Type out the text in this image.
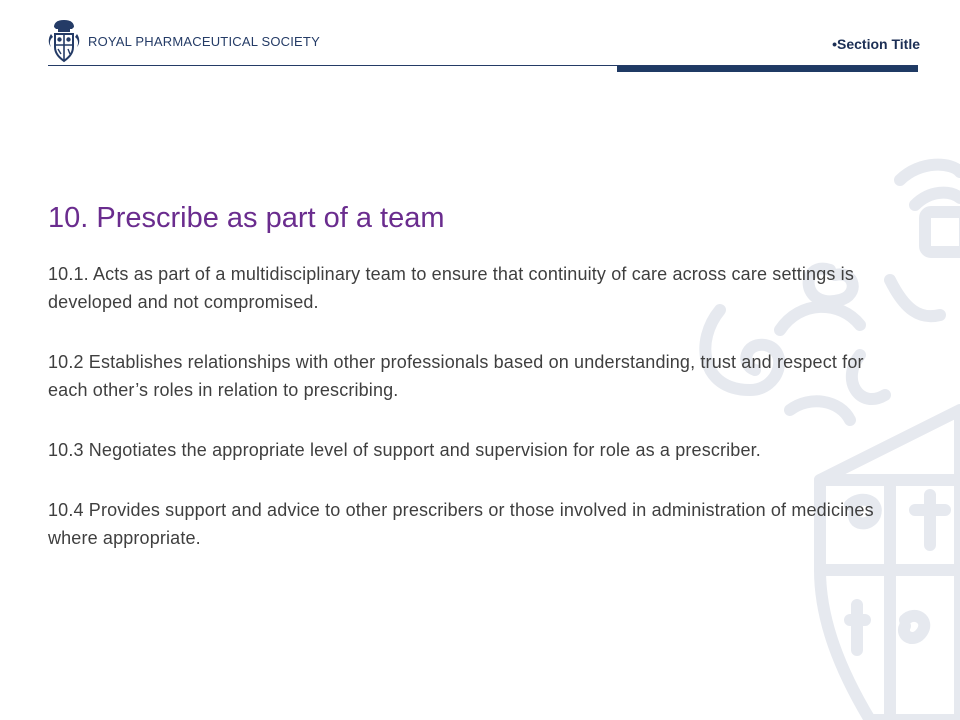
ROYAL PHARMACEUTICAL SOCIETY	•Section Title
10. Prescribe as part of a team

10.1. Acts as part of a multidisciplinary team to ensure that continuity of care across care settings is developed and not compromised.

10.2 Establishes relationships with other professionals based on understanding, trust and respect for each other’s roles in relation to prescribing.

10.3 Negotiates the appropriate level of support and supervision for role as a prescriber.

10.4 Provides support and advice to other prescribers or those involved in administration of medicines where appropriate.
